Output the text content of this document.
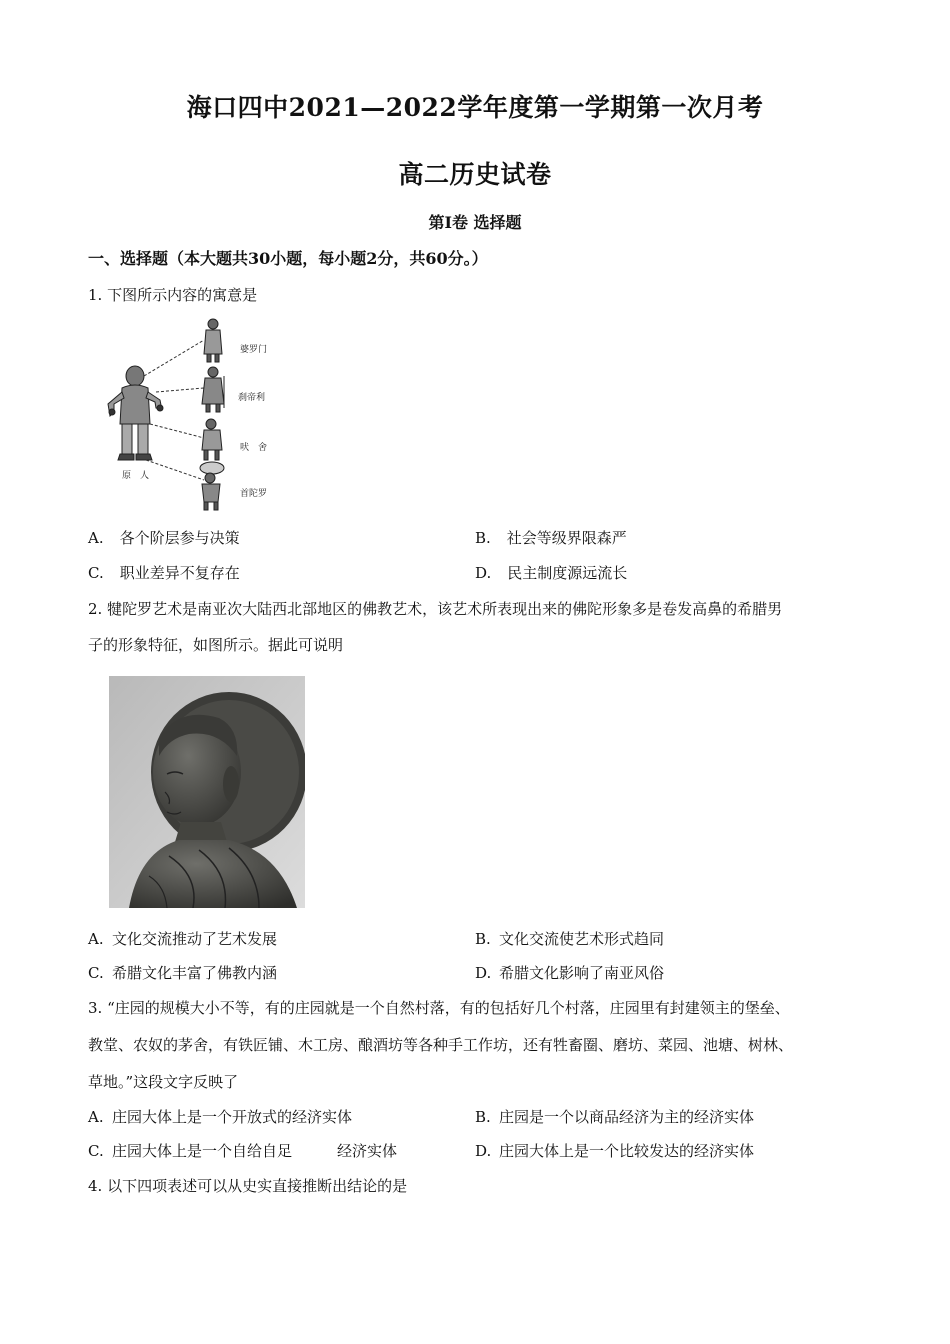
海口四中2021—2022学年度第一学期第一次月考
高二历史试卷
第Ⅰ卷 选择题
一、选择题（本大题共30小题，每小题2分，共60分。）
1. 下图所示内容的寓意是
婆罗门
刹帝利
吠　舍
首陀罗
原　人
A. 各个阶层参与决策	B. 社会等级界限森严
C. 职业差异不复存在	D. 民主制度源远流长
2. 犍陀罗艺术是南亚次大陆西北部地区的佛教艺术，该艺术所表现出来的佛陀形象多是卷发高鼻的希腊男
子的形象特征，如图所示。据此可说明
A. 文化交流推动了艺术发展	B. 文化交流使艺术形式趋同
C. 希腊文化丰富了佛教内涵	D. 希腊文化影响了南亚风俗
3. “庄园的规模大小不等，有的庄园就是一个自然村落，有的包括好几个村落，庄园里有封建领主的堡垒、
教堂、农奴的茅舍，有铁匠铺、木工房、酿酒坊等各种手工作坊，还有牲畜圈、磨坊、菜园、池塘、树林、
草地。”这段文字反映了
A. 庄园大体上是一个开放式的经济实体	B. 庄园是一个以商品经济为主的经济实体
C. 庄园大体上是一个自给自足　　　经济实体	D. 庄园大体上是一个比较发达的经济实体
4. 以下四项表述可以从史实直接推断出结论的是
